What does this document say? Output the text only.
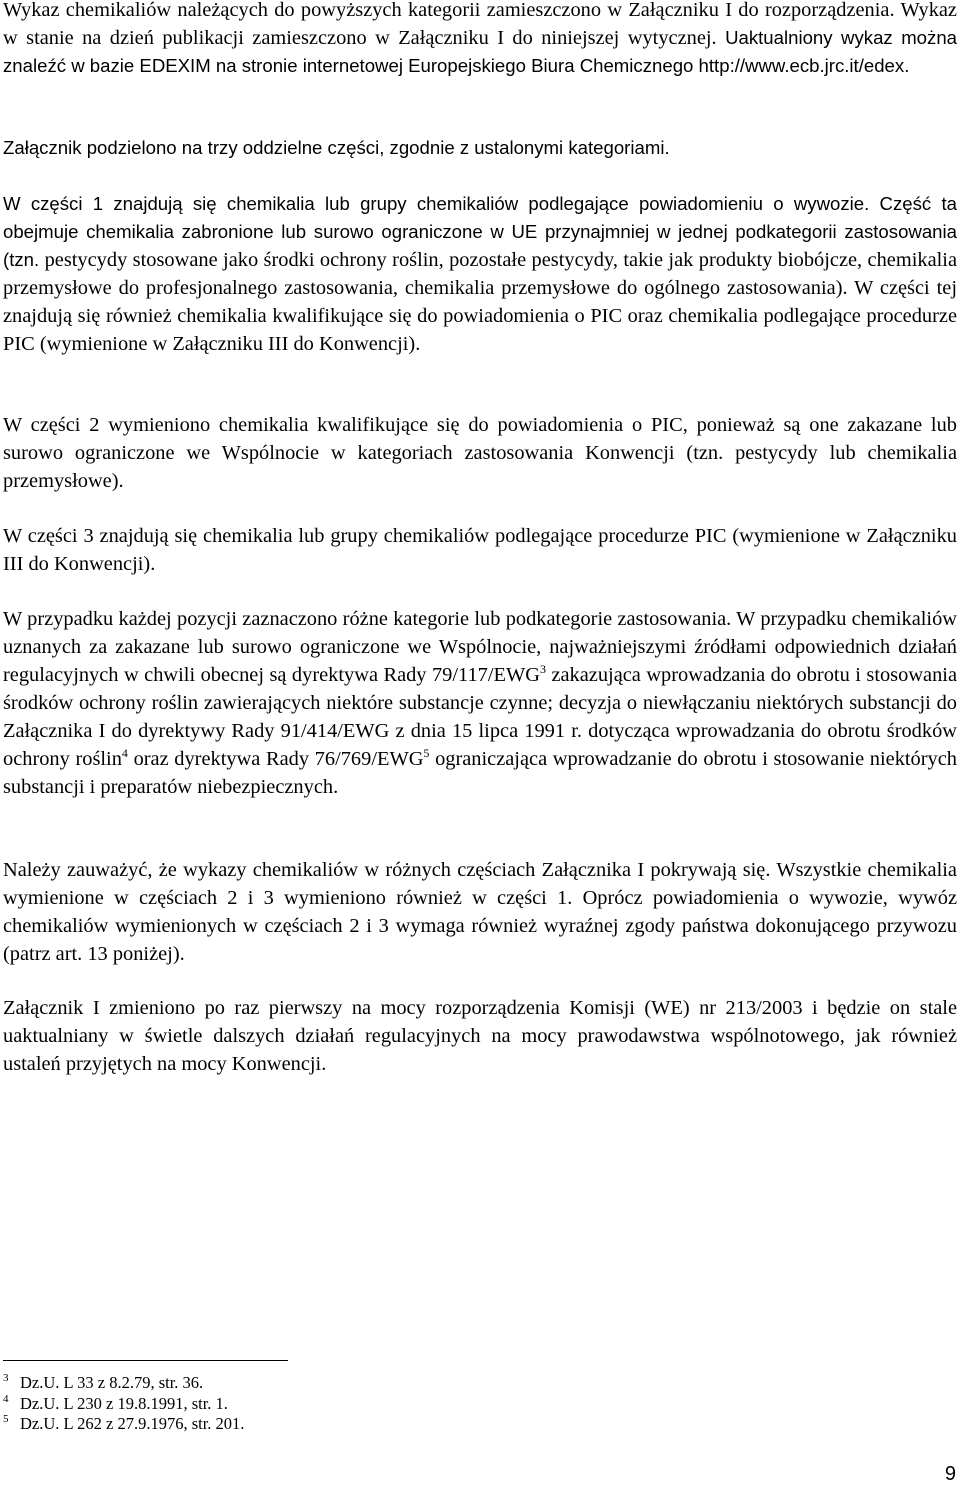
Wykaz chemikaliów należących do powyższych kategorii zamieszczono w Załączniku I do rozporządzenia. Wykaz w stanie na dzień publikacji zamieszczono w Załączniku I do niniejszej wytycznej. Uaktualniony wykaz można znaleźć w bazie EDEXIM na stronie internetowej Europejskiego Biura Chemicznego http://www.ecb.jrc.it/edex.

Załącznik podzielono na trzy oddzielne części, zgodnie z ustalonymi kategoriami.

W części 1 znajdują się chemikalia lub grupy chemikaliów podlegające powiadomieniu o wywozie. Część ta obejmuje chemikalia zabronione lub surowo ograniczone w UE przynajmniej w jednej podkategorii zastosowania (tzn. pestycydy stosowane jako środki ochrony roślin, pozostałe pestycydy, takie jak produkty biobójcze, chemikalia przemysłowe do profesjonalnego zastosowania, chemikalia przemysłowe do ogólnego zastosowania). W części tej znajdują się również chemikalia kwalifikujące się do powiadomienia o PIC oraz chemikalia podlegające procedurze PIC (wymienione w Załączniku III do Konwencji).

W części 2 wymieniono chemikalia kwalifikujące się do powiadomienia o PIC, ponieważ są one zakazane lub surowo ograniczone we Wspólnocie w kategoriach zastosowania Konwencji (tzn. pestycydy lub chemikalia przemysłowe).

W części 3 znajdują się chemikalia lub grupy chemikaliów podlegające procedurze PIC (wymienione w Załączniku III do Konwencji).

W przypadku każdej pozycji zaznaczono różne kategorie lub podkategorie zastosowania. W przypadku chemikaliów uznanych za zakazane lub surowo ograniczone we Wspólnocie, najważniejszymi źródłami odpowiednich działań regulacyjnych w chwili obecnej są dyrektywa Rady 79/117/EWG$^3$ zakazująca wprowadzania do obrotu i stosowania środków ochrony roślin zawierających niektóre substancje czynne; decyzja o niewłączaniu niektórych substancji do Załącznika I do dyrektywy Rady 91/414/EWG z dnia 15 lipca 1991 r. dotycząca wprowadzania do obrotu środków ochrony roślin$^4$ oraz dyrektywa Rady 76/769/EWG$^5$ ograniczająca wprowadzanie do obrotu i stosowanie niektórych substancji i preparatów niebezpiecznych.

Należy zauważyć, że wykazy chemikaliów w różnych częściach Załącznika I pokrywają się. Wszystkie chemikalia wymienione w częściach 2 i 3 wymieniono również w części 1. Oprócz powiadomienia o wywozie, wywóz chemikaliów wymienionych w częściach 2 i 3 wymaga również wyraźnej zgody państwa dokonującego przywozu (patrz art. 13 poniżej).

Załącznik I zmieniono po raz pierwszy na mocy rozporządzenia Komisji (WE) nr 213/2003 i będzie on stale uaktualniany w świetle dalszych działań regulacyjnych na mocy prawodawstwa wspólnotowego, jak również ustaleń przyjętych na mocy Konwencji.

$^3$ Dz.U. L 33 z 8.2.79, str. 36.
$^4$ Dz.U. L 230 z 19.8.1991, str. 1.
$^5$ Dz.U. L 262 z 27.9.1976, str. 201.
9
